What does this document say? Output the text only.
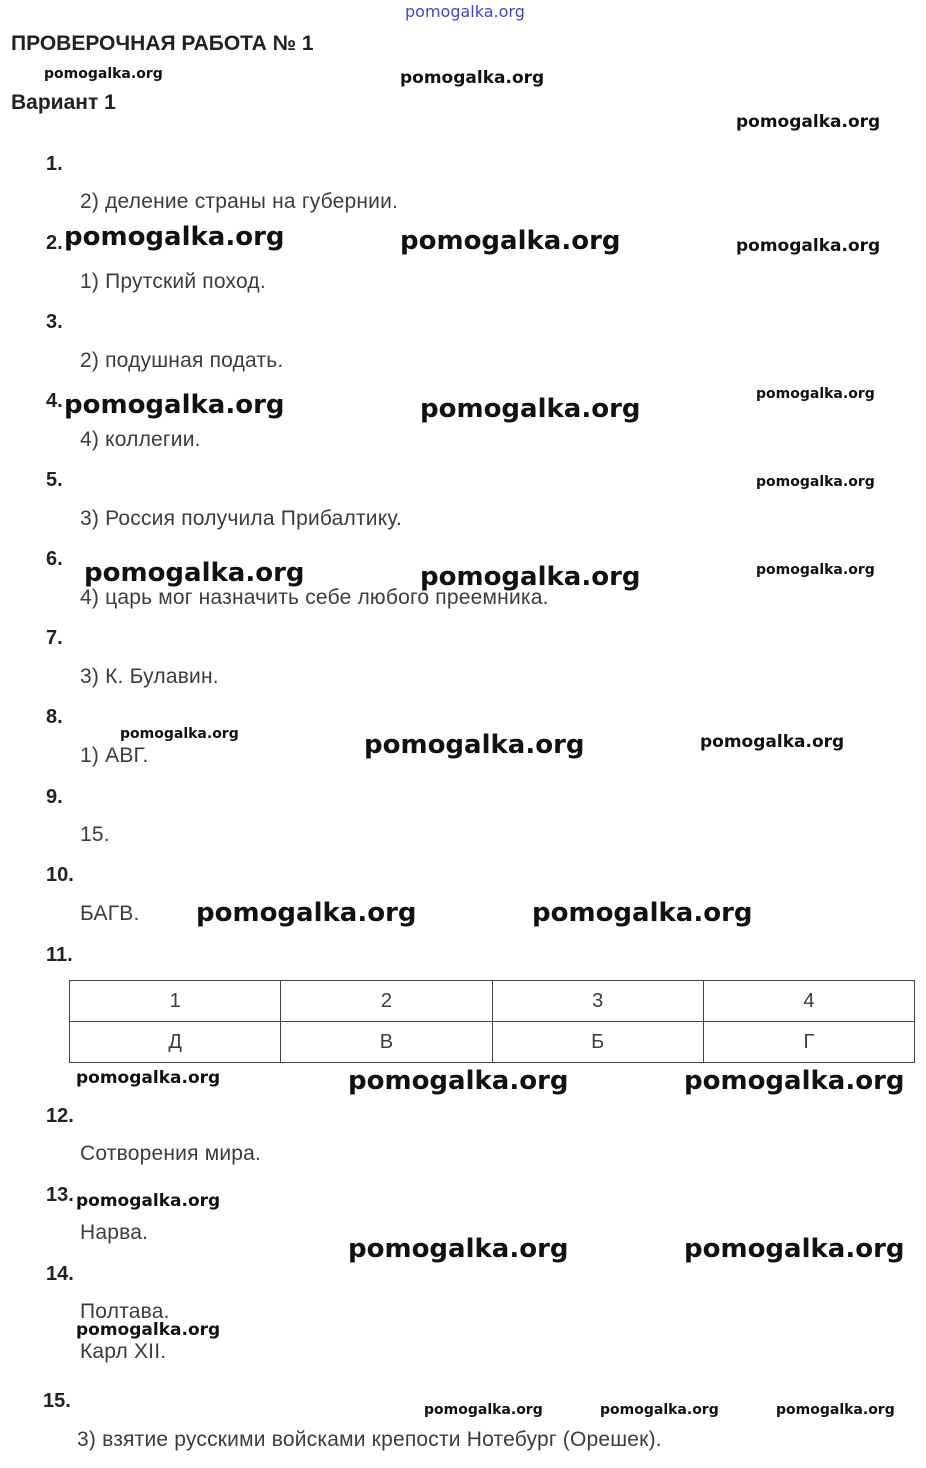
pomogalka.org
ПРОВЕРОЧНАЯ РАБОТА № 1
Вариант 1
1.
2) деление страны на губернии.
2.
1) Прутский поход.
3.
2) подушная подать.
4.
4) коллегии.
5.
3) Россия получила Прибалтику.
6.
4) царь мог назначить себе любого преемника.
7.
3) К. Булавин.
8.
1) АВГ.
9.
15.
10.
БАГВ.
11.
1	2	3	4
Д	В	Б	Г
12.
Сотворения мира.
13.
Нарва.
14.
Полтава.
Карл XII.
15.
3) взятие русскими войсками крепости Нотебург (Орешек).
pomogalka.org	pomogalka.org
pomogalka.org
pomogalka.org	pomogalka.org	pomogalka.org
pomogalka.org	pomogalka.org	pomogalka.org
pomogalka.org
pomogalka.org	pomogalka.org	pomogalka.org
pomogalka.org	pomogalka.org	pomogalka.org
pomogalka.org	pomogalka.org
pomogalka.org	pomogalka.org	pomogalka.org
pomogalka.org
pomogalka.org	pomogalka.org
pomogalka.org
pomogalka.org	pomogalka.org	pomogalka.org
